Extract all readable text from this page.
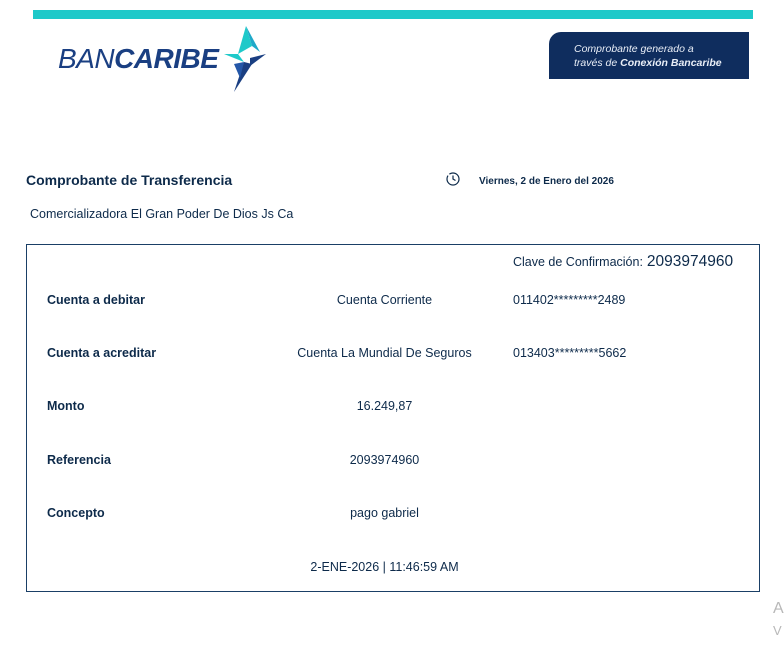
BANCARIBE	Comprobante generado a
través de Conexión Bancaribe
Comprobante de Transferencia	Viernes, 2 de Enero del 2026
Comercializadora El Gran Poder De Dios Js Ca
Clave de Confirmación: 2093974960
Cuenta a debitar	Cuenta Corriente	011402*********2489
Cuenta a acreditar	Cuenta La Mundial De Seguros	013403*********5662
Monto	16.249,87
Referencia	2093974960
Concepto	pago gabriel
2-ENE-2026 | 11:46:59 AM
A
V
